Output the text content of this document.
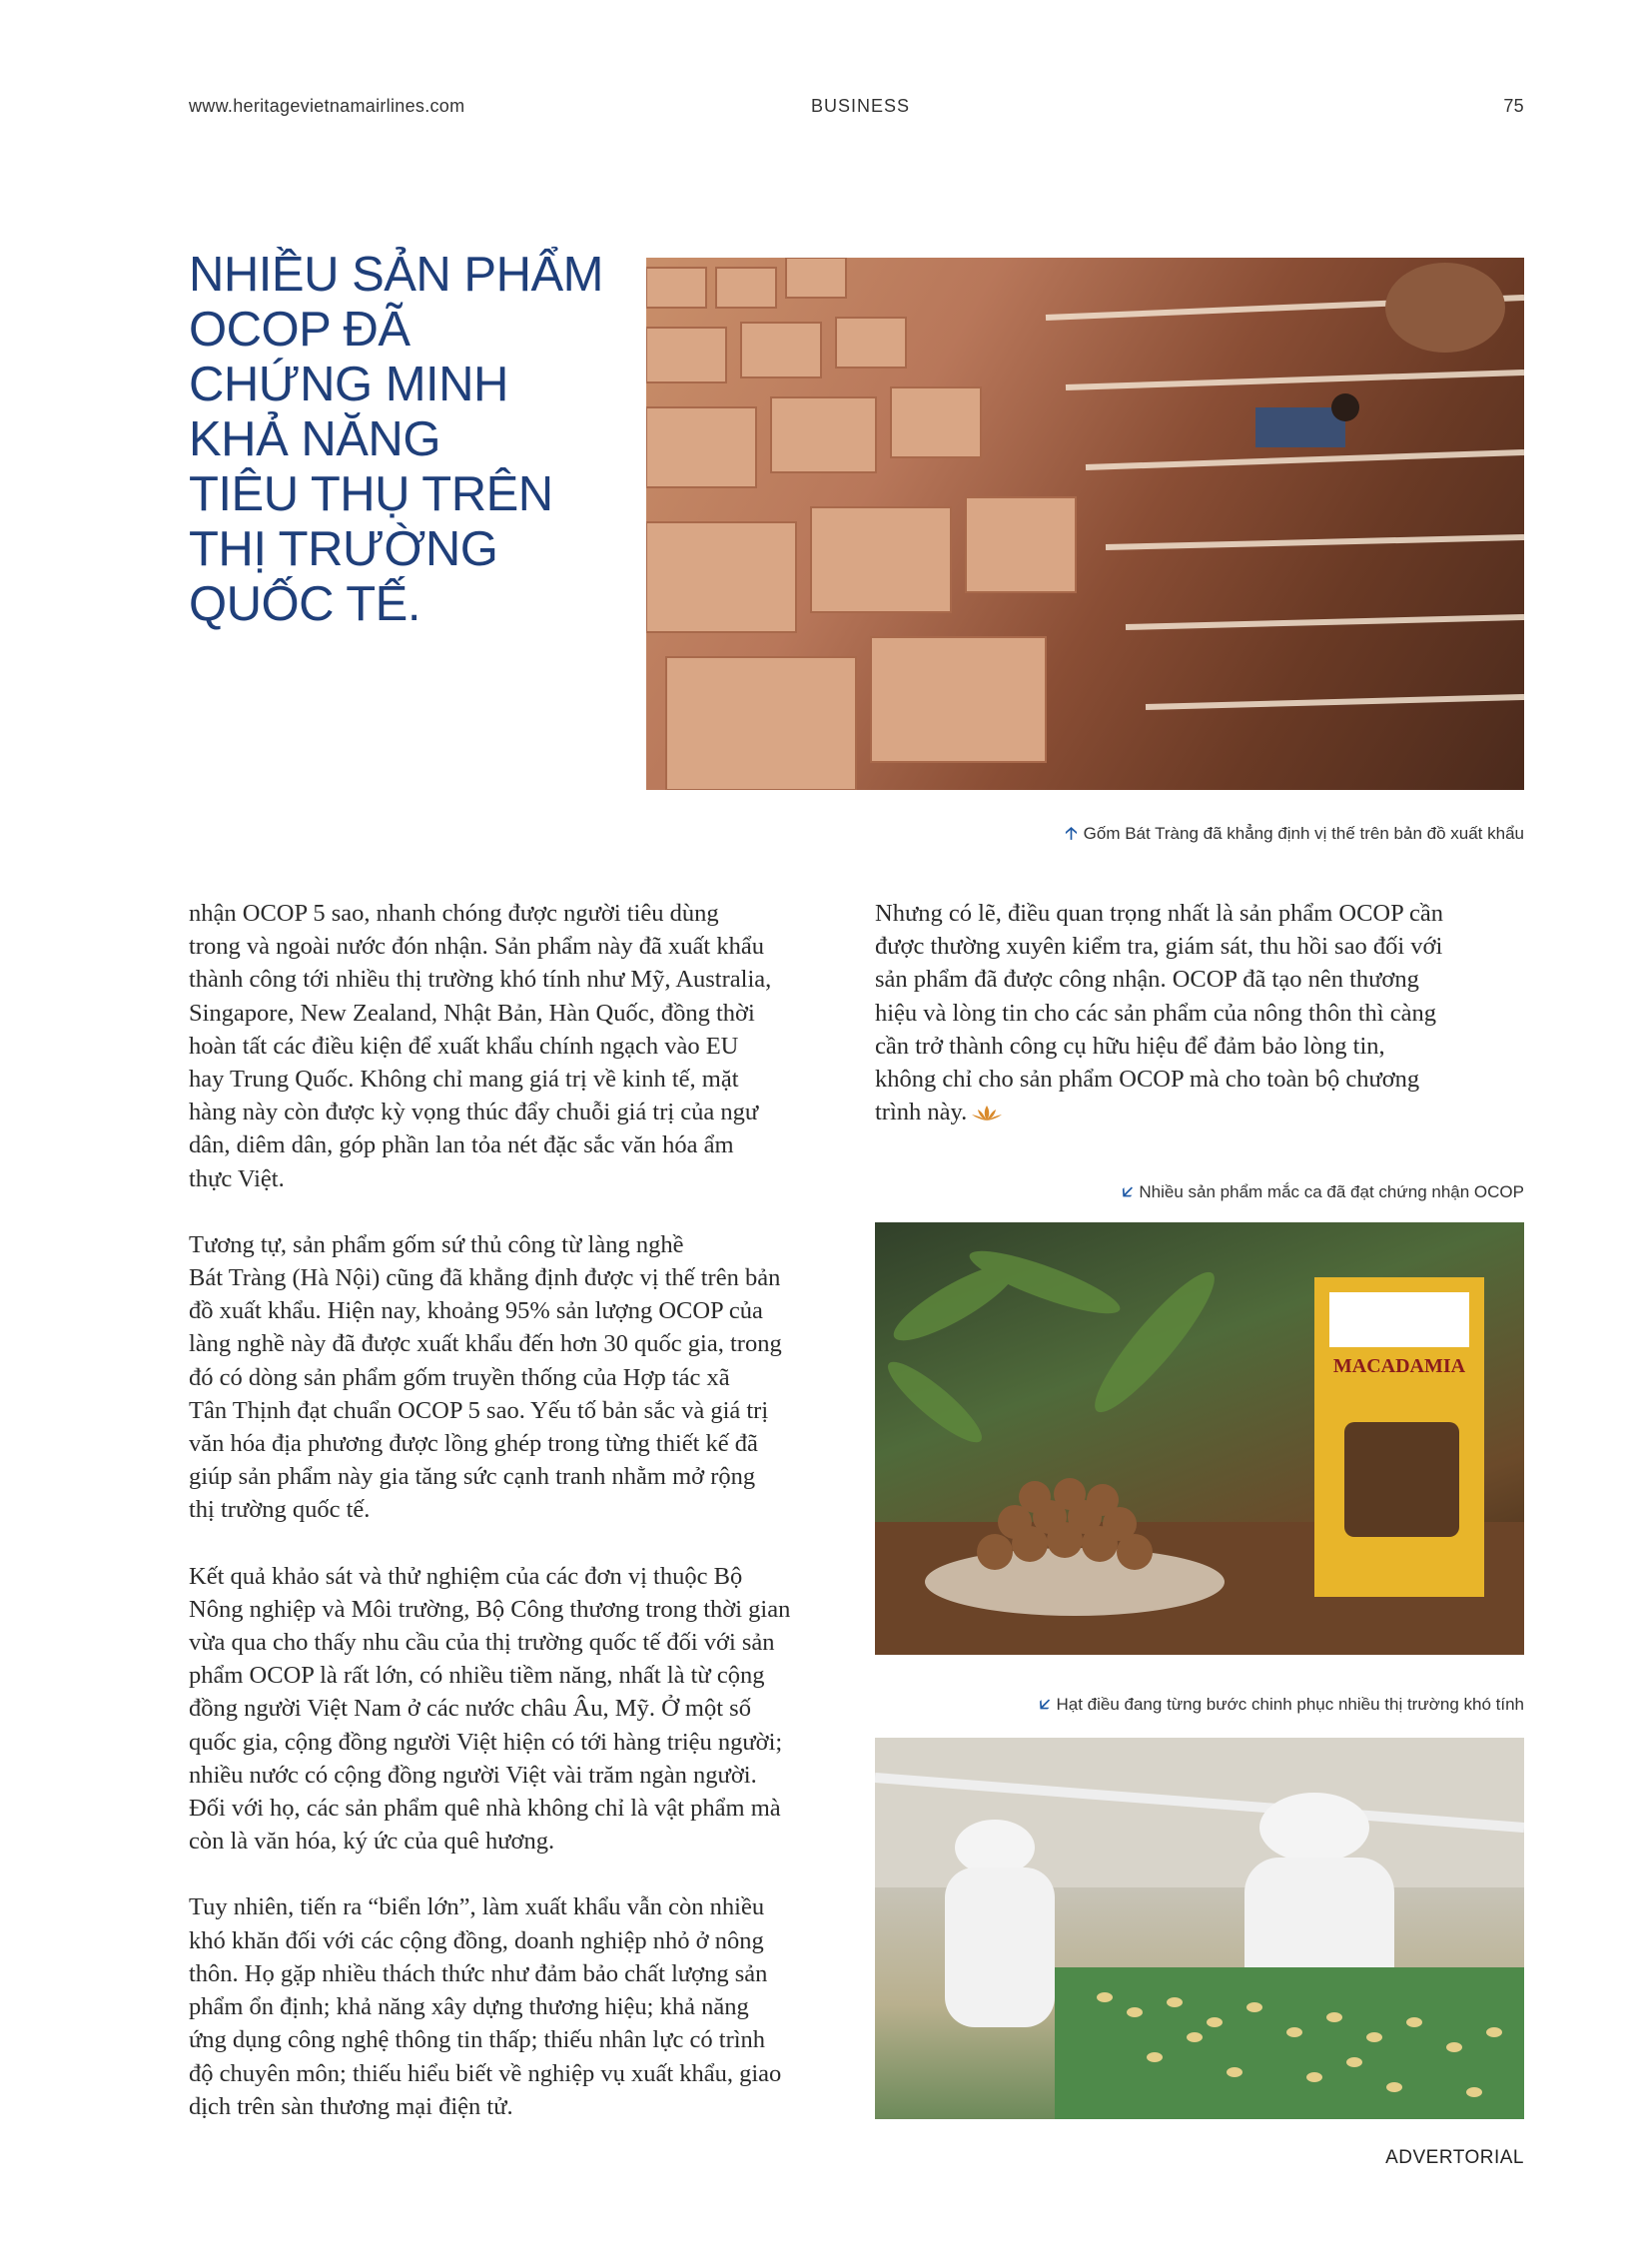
www.heritagevietnamairlines.com	BUSINESS	75
NHIỀU SẢN PHẨM
OCOP ĐÃ
CHỨNG MINH
KHẢ NĂNG
TIÊU THỤ TRÊN
THỊ TRƯỜNG
QUỐC TẾ.
🡡 Gốm Bát Tràng đã khẳng định vị thế trên bản đồ xuất khẩu

nhận OCOP 5 sao, nhanh chóng được người tiêu dùng
trong và ngoài nước đón nhận. Sản phẩm này đã xuất khẩu
thành công tới nhiều thị trường khó tính như Mỹ, Australia,
Singapore, New Zealand, Nhật Bản, Hàn Quốc, đồng thời
hoàn tất các điều kiện để xuất khẩu chính ngạch vào EU
hay Trung Quốc. Không chỉ mang giá trị về kinh tế, mặt
hàng này còn được kỳ vọng thúc đẩy chuỗi giá trị của ngư
dân, diêm dân, góp phần lan tỏa nét đặc sắc văn hóa ẩm
thực Việt.

Tương tự, sản phẩm gốm sứ thủ công từ làng nghề
Bát Tràng (Hà Nội) cũng đã khẳng định được vị thế trên bản
đồ xuất khẩu. Hiện nay, khoảng 95% sản lượng OCOP của
làng nghề này đã được xuất khẩu đến hơn 30 quốc gia, trong
đó có dòng sản phẩm gốm truyền thống của Hợp tác xã
Tân Thịnh đạt chuẩn OCOP 5 sao. Yếu tố bản sắc và giá trị
văn hóa địa phương được lồng ghép trong từng thiết kế đã
giúp sản phẩm này gia tăng sức cạnh tranh nhằm mở rộng
thị trường quốc tế.

Kết quả khảo sát và thử nghiệm của các đơn vị thuộc Bộ
Nông nghiệp và Môi trường, Bộ Công thương trong thời gian
vừa qua cho thấy nhu cầu của thị trường quốc tế đối với sản
phẩm OCOP là rất lớn, có nhiều tiềm năng, nhất là từ cộng
đồng người Việt Nam ở các nước châu Âu, Mỹ. Ở một số
quốc gia, cộng đồng người Việt hiện có tới hàng triệu người;
nhiều nước có cộng đồng người Việt vài trăm ngàn người.
Đối với họ, các sản phẩm quê nhà không chỉ là vật phẩm mà
còn là văn hóa, ký ức của quê hương.

Tuy nhiên, tiến ra “biển lớn”, làm xuất khẩu vẫn còn nhiều
khó khăn đối với các cộng đồng, doanh nghiệp nhỏ ở nông
thôn. Họ gặp nhiều thách thức như đảm bảo chất lượng sản
phẩm ổn định; khả năng xây dựng thương hiệu; khả năng
ứng dụng công nghệ thông tin thấp; thiếu nhân lực có trình
độ chuyên môn; thiếu hiểu biết về nghiệp vụ xuất khẩu, giao
dịch trên sàn thương mại điện tử.

Nhưng có lẽ, điều quan trọng nhất là sản phẩm OCOP cần
được thường xuyên kiểm tra, giám sát, thu hồi sao đối với
sản phẩm đã được công nhận. OCOP đã tạo nên thương
hiệu và lòng tin cho các sản phẩm của nông thôn thì càng
cần trở thành công cụ hữu hiệu để đảm bảo lòng tin,
không chỉ cho sản phẩm OCOP mà cho toàn bộ chương
trình này.

🡧 Nhiều sản phẩm mắc ca đã đạt chứng nhận OCOP
MACADAMIA
🡧 Hạt điều đang từng bước chinh phục nhiều thị trường khó tính
ADVERTORIAL
